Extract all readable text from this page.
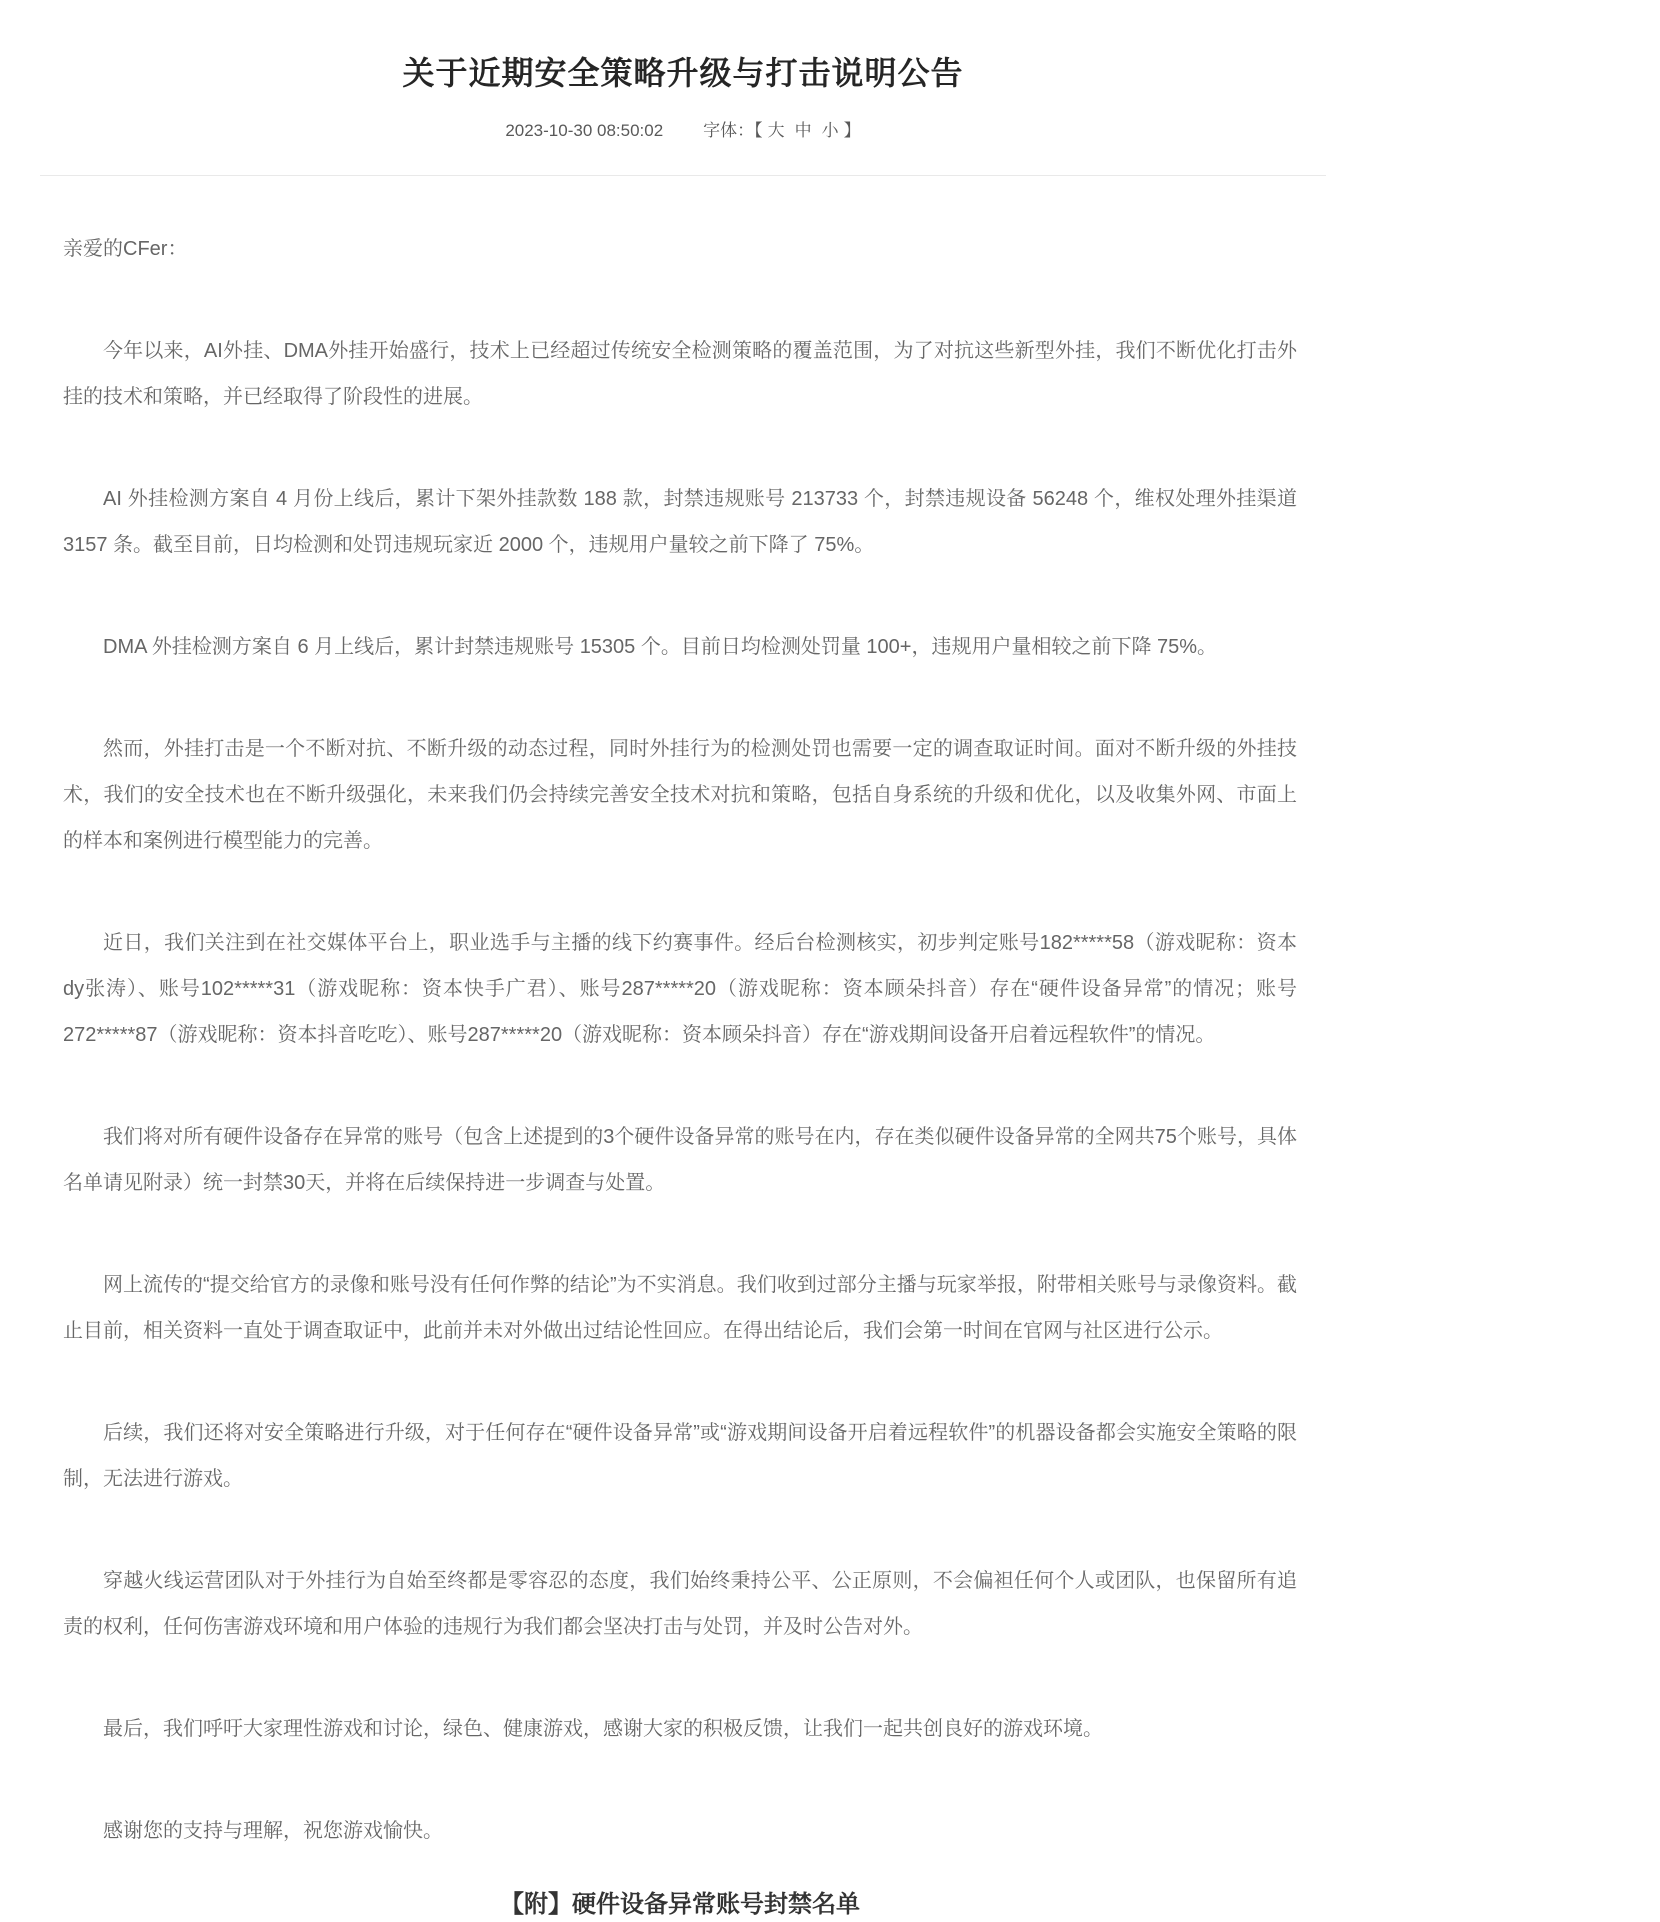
关于近期安全策略升级与打击说明公告
2023-10-30 08:50:02 字体：【 大 中 小 】

亲爱的CFer：

今年以来，AI外挂、DMA外挂开始盛行，技术上已经超过传统安全检测策略的覆盖范围，为了对抗这些新型外挂，我们不断优化打击外挂的技术和策略，并已经取得了阶段性的进展。

AI 外挂检测方案自 4 月份上线后，累计下架外挂款数 188 款，封禁违规账号 213733 个，封禁违规设备 56248 个，维权处理外挂渠道 3157 条。截至目前，日均检测和处罚违规玩家近 2000 个，违规用户量较之前下降了 75%。

DMA 外挂检测方案自 6 月上线后，累计封禁违规账号 15305 个。目前日均检测处罚量 100+，违规用户量相较之前下降 75%。

然而，外挂打击是一个不断对抗、不断升级的动态过程，同时外挂行为的检测处罚也需要一定的调查取证时间。面对不断升级的外挂技术，我们的安全技术也在不断升级强化，未来我们仍会持续完善安全技术对抗和策略，包括自身系统的升级和优化，以及收集外网、市面上的样本和案例进行模型能力的完善。

近日，我们关注到在社交媒体平台上，职业选手与主播的线下约赛事件。经后台检测核实，初步判定账号182*****58（游戏昵称：资本dy张涛）、账号102*****31（游戏昵称：资本快手广君）、账号287*****20（游戏昵称：资本顾朵抖音）存在“硬件设备异常”的情况；账号272*****87（游戏昵称：资本抖音吃吃）、账号287*****20（游戏昵称：资本顾朵抖音）存在“游戏期间设备开启着远程软件”的情况。

我们将对所有硬件设备存在异常的账号（包含上述提到的3个硬件设备异常的账号在内，存在类似硬件设备异常的全网共75个账号，具体名单请见附录）统一封禁30天，并将在后续保持进一步调查与处置。

网上流传的“提交给官方的录像和账号没有任何作弊的结论”为不实消息。我们收到过部分主播与玩家举报，附带相关账号与录像资料。截止目前，相关资料一直处于调查取证中，此前并未对外做出过结论性回应。在得出结论后，我们会第一时间在官网与社区进行公示。

后续，我们还将对安全策略进行升级，对于任何存在“硬件设备异常”或“游戏期间设备开启着远程软件”的机器设备都会实施安全策略的限制，无法进行游戏。

穿越火线运营团队对于外挂行为自始至终都是零容忍的态度，我们始终秉持公平、公正原则，不会偏袒任何个人或团队，也保留所有追责的权利，任何伤害游戏环境和用户体验的违规行为我们都会坚决打击与处罚，并及时公告对外。

最后，我们呼吁大家理性游戏和讨论，绿色、健康游戏，感谢大家的积极反馈，让我们一起共创良好的游戏环境。

感谢您的支持与理解，祝您游戏愉快。

【附】硬件设备异常账号封禁名单
